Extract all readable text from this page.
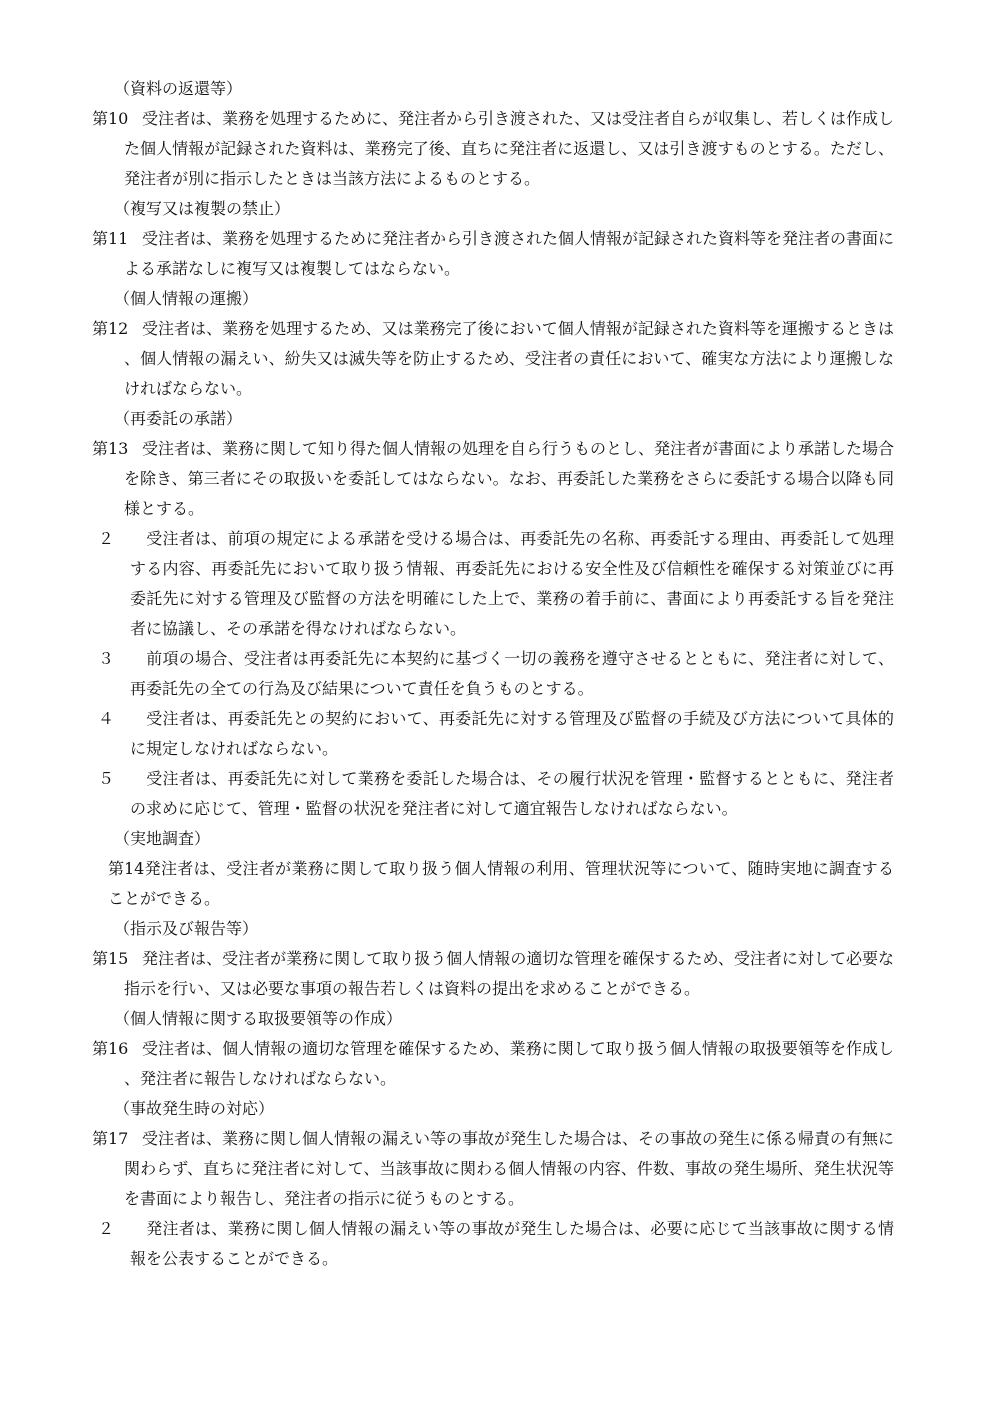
（資料の返還等）
第10 受注者は、業務を処理するために、発注者から引き渡された、又は受注者自らが収集し、若しくは作成した個人情報が記録された資料は、業務完了後、直ちに発注者に返還し、又は引き渡すものとする。ただし、発注者が別に指示したときは当該方法によるものとする。
（複写又は複製の禁止）
第11 受注者は、業務を処理するために発注者から引き渡された個人情報が記録された資料等を発注者の書面による承諾なしに複写又は複製してはならない。
（個人情報の運搬）
第12 受注者は、業務を処理するため、又は業務完了後において個人情報が記録された資料等を運搬するときは、個人情報の漏えい、紛失又は滅失等を防止するため、受注者の責任において、確実な方法により運搬しなければならない。
（再委託の承諾）
第13 受注者は、業務に関して知り得た個人情報の処理を自ら行うものとし、発注者が書面により承諾した場合を除き、第三者にその取扱いを委託してはならない。なお、再委託した業務をさらに委託する場合以降も同様とする。
２ 受注者は、前項の規定による承諾を受ける場合は、再委託先の名称、再委託する理由、再委託して処理する内容、再委託先において取り扱う情報、再委託先における安全性及び信頼性を確保する対策並びに再委託先に対する管理及び監督の方法を明確にした上で、業務の着手前に、書面により再委託する旨を発注者に協議し、その承諾を得なければならない。
３ 前項の場合、受注者は再委託先に本契約に基づく一切の義務を遵守させるとともに、発注者に対して、再委託先の全ての行為及び結果について責任を負うものとする。
４ 受注者は、再委託先との契約において、再委託先に対する管理及び監督の手続及び方法について具体的に規定しなければならない。
５ 受注者は、再委託先に対して業務を委託した場合は、その履行状況を管理・監督するとともに、発注者の求めに応じて、管理・監督の状況を発注者に対して適宜報告しなければならない。
（実地調査）
第14発注者は、受注者が業務に関して取り扱う個人情報の利用、管理状況等について、随時実地に調査することができる。
（指示及び報告等）
第15 発注者は、受注者が業務に関して取り扱う個人情報の適切な管理を確保するため、受注者に対して必要な指示を行い、又は必要な事項の報告若しくは資料の提出を求めることができる。
（個人情報に関する取扱要領等の作成）
第16 受注者は、個人情報の適切な管理を確保するため、業務に関して取り扱う個人情報の取扱要領等を作成し、発注者に報告しなければならない。
（事故発生時の対応）
第17 受注者は、業務に関し個人情報の漏えい等の事故が発生した場合は、その事故の発生に係る帰責の有無に関わらず、直ちに発注者に対して、当該事故に関わる個人情報の内容、件数、事故の発生場所、発生状況等を書面により報告し、発注者の指示に従うものとする。
２ 発注者は、業務に関し個人情報の漏えい等の事故が発生した場合は、必要に応じて当該事故に関する情報を公表することができる。
